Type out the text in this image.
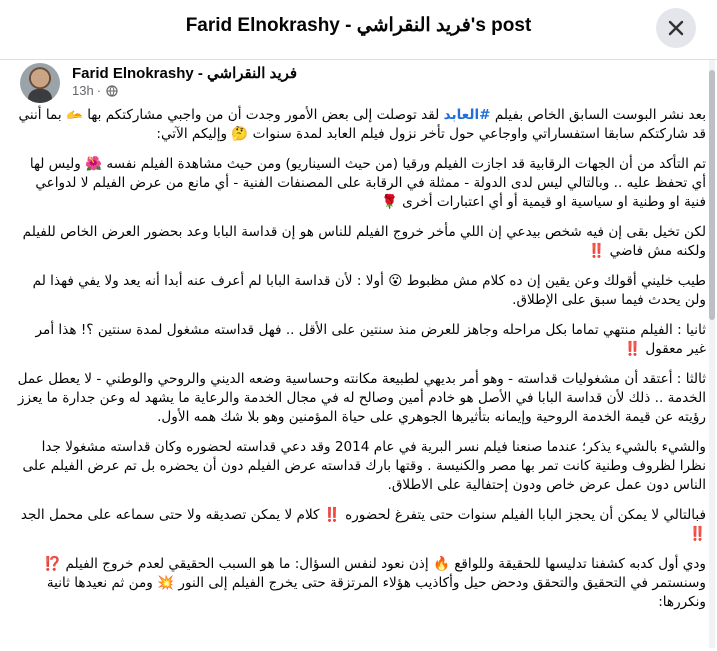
Farid Elnokrashy - فريد النقراشي's post
Farid Elnokrashy - فريد النقراشي
13h ·

بعد نشر البوست السابق الخاص بفيلم #العابد لقد توصلت إلى بعض الأمور وجدت أن من واجبي مشاركتكم بها 🫴 بما أنني قد شاركتكم سابقا استفساراتي واوجاعي حول تأخر نزول فيلم العابد لمدة سنوات 🤔 وإليكم الآتي:

تم التأكد من أن الجهات الرقابية قد اجازت الفيلم ورقيا (من حيث السيناريو) ومن حيث مشاهدة الفيلم نفسه 🌺 وليس لها أي تحفظ عليه .. وبالتالي ليس لدى الدولة - ممثلة في الرقابة على المصنفات الفنية - أي مانع من عرض الفيلم لا لدواعي فنية او وطنية او سياسية او قيمية أو أي اعتبارات أخرى 🌹

لكن تخيل بقى إن فيه شخص بيدعي إن اللي مأخر خروج الفيلم للناس هو إن قداسة البابا وعد بحضور العرض الخاص للفيلم ولكنه مش فاضي ‼️

طيب خليني أقولك وعن يقين إن ده كلام مش مظبوط 😮 أولا : لأن قداسة البابا لم أعرف عنه أبدا أنه يعد ولا يفي فهذا لم ولن يحدث فيما سبق على الإطلاق.

ثانيا : الفيلم منتهي تماما بكل مراحله وجاهز للعرض منذ سنتين على الأقل .. فهل قداسته مشغول لمدة سنتين ؟! هذا أمر غير معقول ‼️

ثالثا : أعتقد أن مشغوليات قداسته - وهو أمر بديهي لطبيعة مكانته وحساسية وضعه الديني والروحي والوطني - لا يعطل عمل الخدمة .. ذلك لأن قداسة البابا في الأصل هو خادم أمين وصالح له في مجال الخدمة والرعاية ما يشهد له وعن جدارة ما يعزز رؤيته عن قيمة الخدمة الروحية وإيمانه بتأثيرها الجوهري على حياة المؤمنين وهو بلا شك همه الأول.

والشيء بالشيء يذكر؛ عندما صنعنا فيلم نسر البرية في عام 2014 وقد دعي قداسته لحضوره وكان قداسته مشغولا جدا نظرا لظروف وطنية كانت تمر بها مصر والكنيسة . وقتها بارك قداسته عرض الفيلم دون أن يحضره بل تم عرض الفيلم على الناس دون عمل عرض خاص ودون إحتفالية على الاطلاق.

فبالتالي لا يمكن أن يحجز البابا الفيلم سنوات حتى يتفرغ لحضوره ‼️ كلام لا يمكن تصديقه ولا حتى سماعه على محمل الجد ‼️

ودي أول كدبه كشفنا تدليسها للحقيقة وللواقع 🔥 إذن نعود لنفس السؤال: ما هو السبب الحقيقي لعدم خروج الفيلم ⁉️ وسنستمر في التحقيق والتحقق ودحض حيل وأكاذيب هؤلاء المرتزقة حتى يخرج الفيلم إلى النور 💥 ومن ثم نعيدها ثانية ونكررها:
